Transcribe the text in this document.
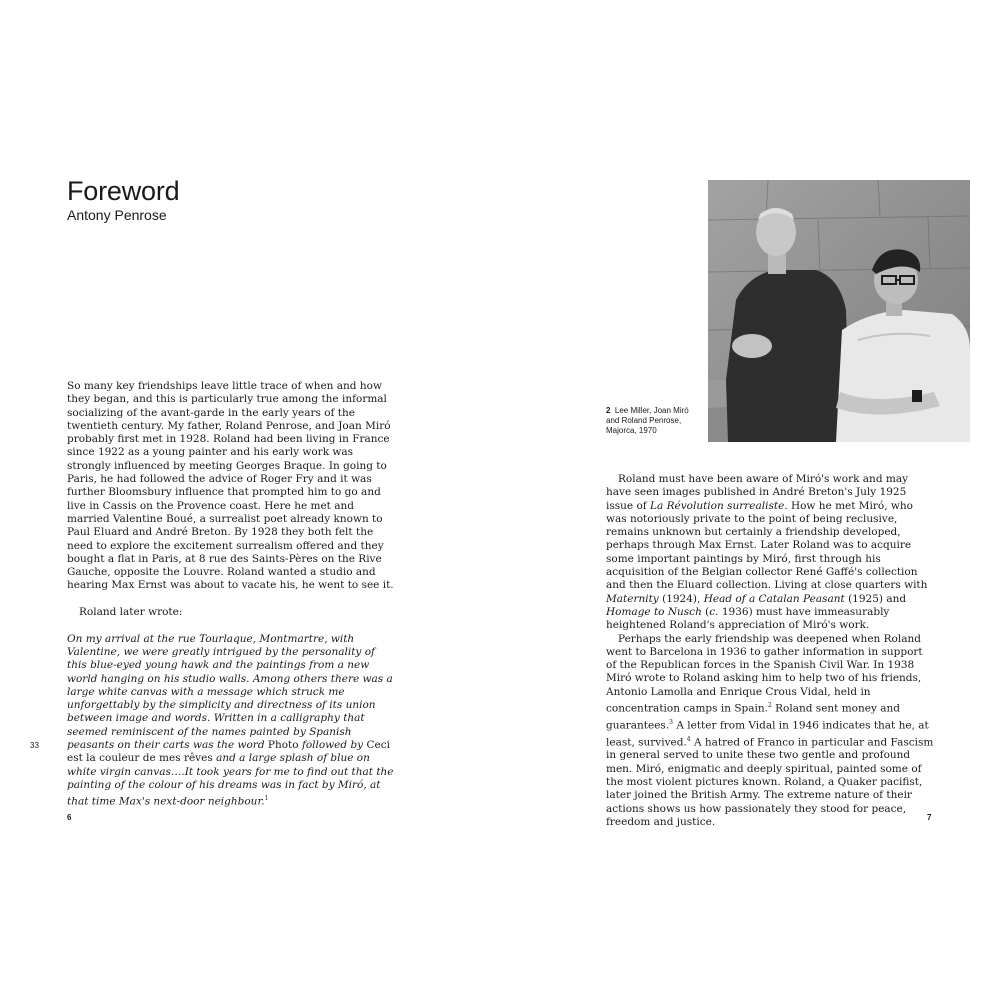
Foreword
Antony Penrose

So many key friendships leave little trace of when and how they began, and this is particularly true among the informal socializing of the avant-garde in the early years of the twentieth century. My father, Roland Penrose, and Joan Miró probably first met in 1928. Roland had been living in France since 1922 as a young painter and his early work was strongly influenced by meeting Georges Braque. In going to Paris, he had followed the advice of Roger Fry and it was further Bloomsbury influence that prompted him to go and live in Cassis on the Provence coast. Here he met and married Valentine Boué, a surrealist poet already known to Paul Eluard and André Breton. By 1928 they both felt the need to explore the excitement surrealism offered and they bought a flat in Paris, at 8 rue des Saints-Pères on the Rive Gauche, opposite the Louvre. Roland wanted a studio and hearing Max Ernst was about to vacate his, he went to see it.

Roland later wrote:

On my arrival at the rue Tourlaque, Montmartre, with Valentine, we were greatly intrigued by the personality of this blue-eyed young hawk and the paintings from a new world hanging on his studio walls. Among others there was a large white canvas with a message which struck me unforgettably by the simplicity and directness of its union between image and words. Written in a calligraphy that seemed reminiscent of the names painted by Spanish peasants on their carts was the word Photo followed by Ceci est la couleur de mes rêves and a large splash of blue on white virgin canvas….It took years for me to find out that the painting of the colour of his dreams was in fact by Miró, at that time Max's next-door neighbour.$^1$

33
6	7
2 Lee Miller, Joan Miró and Roland Penrose, Majorca, 1970

Roland must have been aware of Miró's work and may have seen images published in André Breton's July 1925 issue of La Révolution surrealiste. How he met Miró, who was notoriously private to the point of being reclusive, remains unknown but certainly a friendship developed, perhaps through Max Ernst. Later Roland was to acquire some important paintings by Miró, first through his acquisition of the Belgian collector René Gaffé's collection and then the Eluard collection. Living at close quarters with Maternity (1924), Head of a Catalan Peasant (1925) and Homage to Nusch (c. 1936) must have immeasurably heightened Roland's appreciation of Miró's work.

Perhaps the early friendship was deepened when Roland went to Barcelona in 1936 to gather information in support of the Republican forces in the Spanish Civil War. In 1938 Miró wrote to Roland asking him to help two of his friends, Antonio Lamolla and Enrique Crous Vidal, held in concentration camps in Spain.$^2$ Roland sent money and guarantees.$^3$ A letter from Vidal in 1946 indicates that he, at least, survived.$^4$ A hatred of Franco in particular and Fascism in general served to unite these two gentle and profound men. Miró, enigmatic and deeply spiritual, painted some of the most violent pictures known. Roland, a Quaker pacifist, later joined the British Army. The extreme nature of their actions shows us how passionately they stood for peace, freedom and justice.
